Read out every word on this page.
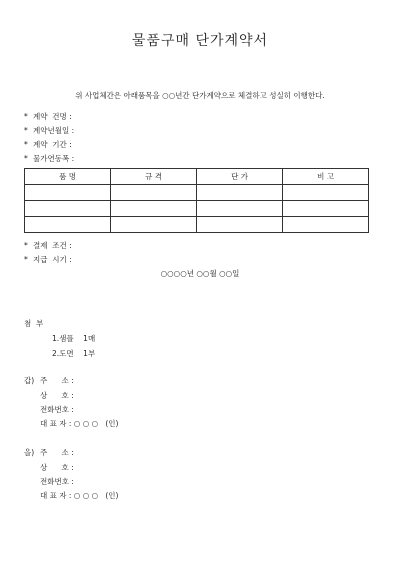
물품구매 단가계약서
위 사업체간은 아래품목을 ○○년간 단가계약으로 체결하고 성실히 이행한다.
* 계약  건명 :
* 계약년월일 :
* 계약  기간 :
* 물가연동폭 :
품 명	규 격	단 가	비 고

* 결제  조건 :
* 지급  시기 :
○○○○년 ○○월 ○○일
첨  부
1.샘플    1매
2.도면    1부
갑) 주      소 :
상      호 :
전화번호 :
대 표 자 : ○ ○ ○   (인)
을) 주      소 :
상      호 :
전화번호 :
대 표 자 : ○ ○ ○   (인)
